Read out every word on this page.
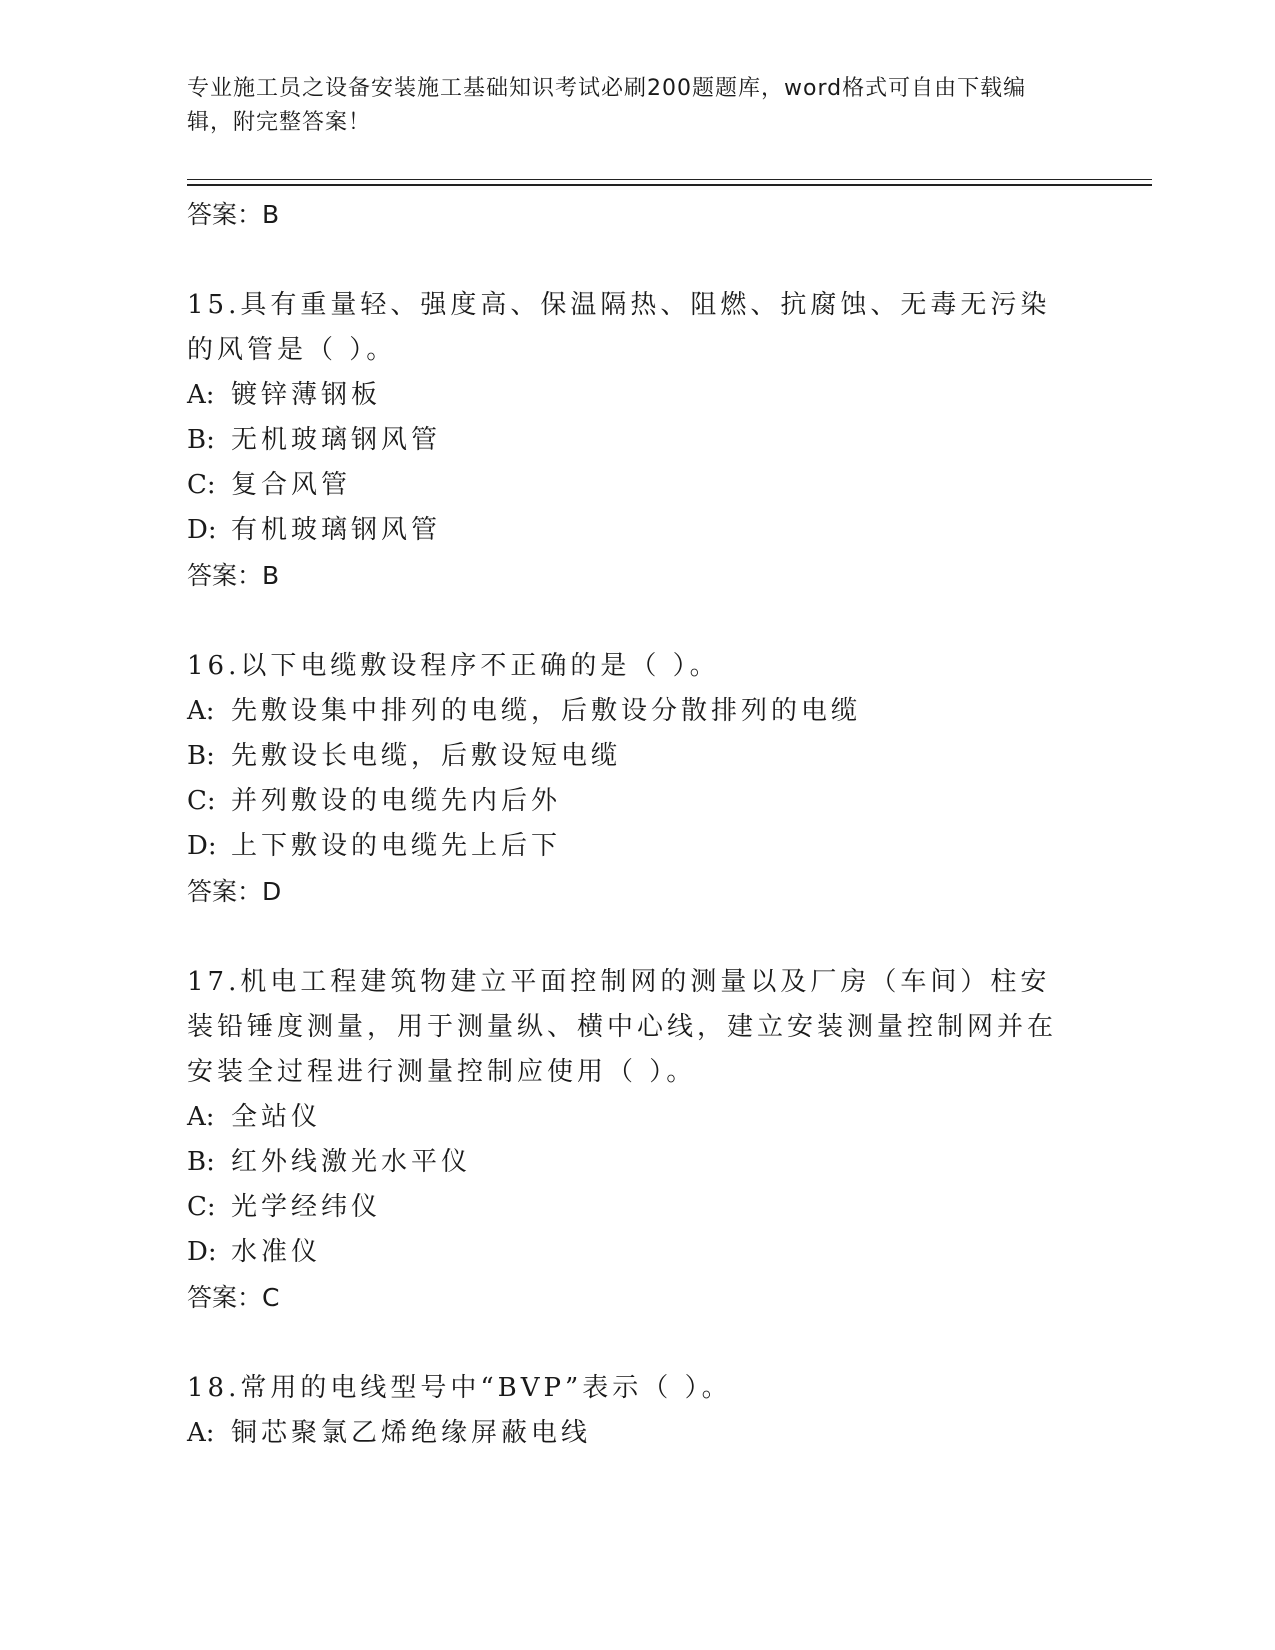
专业施工员之设备安装施工基础知识考试必刷200题题库，word格式可自由下载编辑，附完整答案！
答案：B
15.具有重量轻、强度高、保温隔热、阻燃、抗腐蚀、无毒无污染的风管是（ ）。
A: 镀锌薄钢板
B: 无机玻璃钢风管
C: 复合风管
D: 有机玻璃钢风管
答案：B
16.以下电缆敷设程序不正确的是（ ）。
A: 先敷设集中排列的电缆，后敷设分散排列的电缆
B: 先敷设长电缆，后敷设短电缆
C: 并列敷设的电缆先内后外
D: 上下敷设的电缆先上后下
答案：D
17.机电工程建筑物建立平面控制网的测量以及厂房（车间）柱安装铅锤度测量，用于测量纵、横中心线，建立安装测量控制网并在安装全过程进行测量控制应使用（ ）。
A: 全站仪
B: 红外线激光水平仪
C: 光学经纬仪
D: 水准仪
答案：C
18.常用的电线型号中“BVP”表示（ ）。
A: 铜芯聚氯乙烯绝缘屏蔽电线
